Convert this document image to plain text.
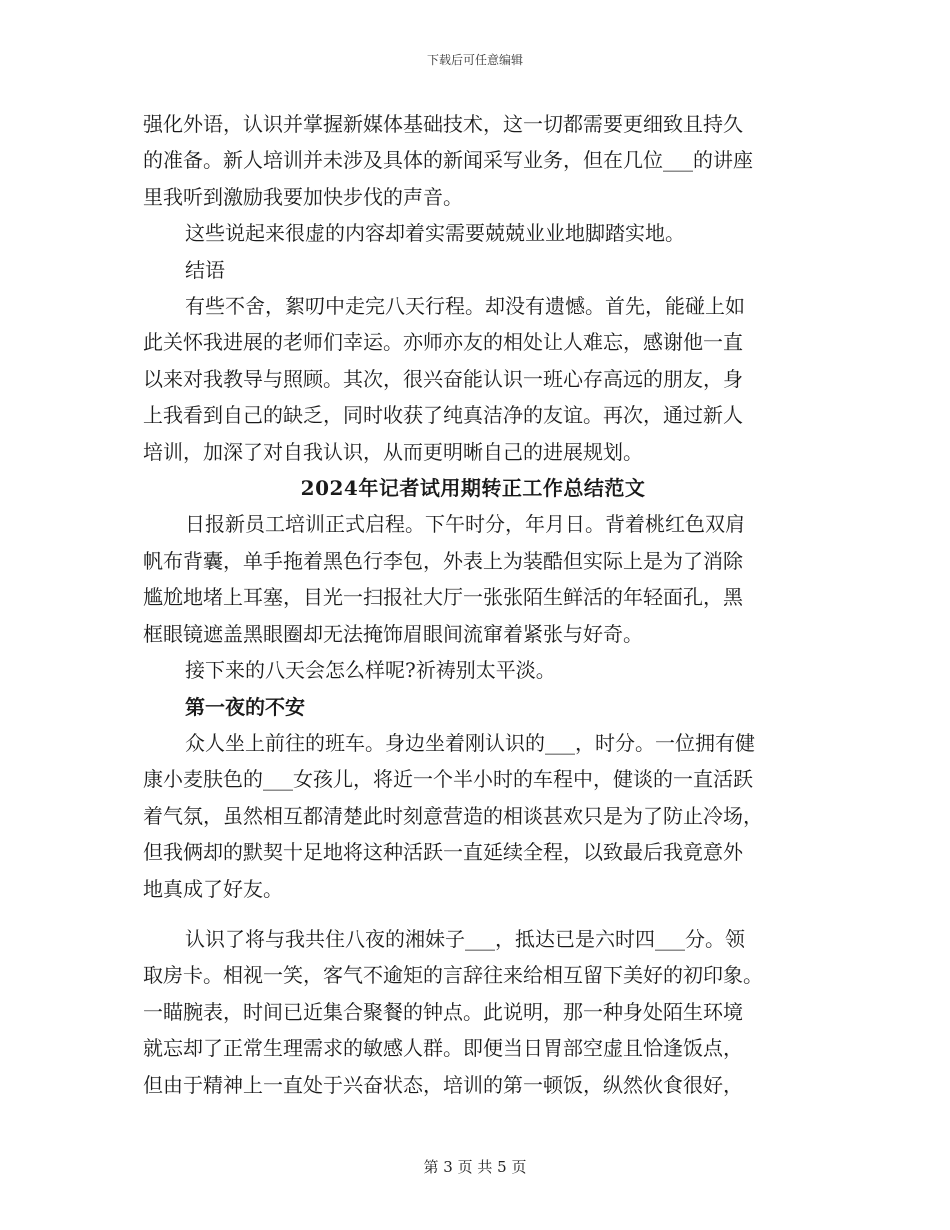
下载后可任意编辑

强化外语，认识并掌握新媒体基础技术，这一切都需要更细致且持久

的准备。新人培训并未涉及具体的新闻采写业务，但在几位___的讲座

里我听到激励我要加快步伐的声音。

这些说起来很虚的内容却着实需要兢兢业业地脚踏实地。

结语

有些不舍，絮叨中走完八天行程。却没有遗憾。首先，能碰上如

此关怀我进展的老师们幸运。亦师亦友的相处让人难忘，感谢他一直

以来对我教导与照顾。其次，很兴奋能认识一班心存高远的朋友，身

上我看到自己的缺乏，同时收获了纯真洁净的友谊。再次，通过新人

培训，加深了对自我认识，从而更明晰自己的进展规划。

2024年记者试用期转正工作总结范文

日报新员工培训正式启程。下午时分，年月日。背着桃红色双肩

帆布背囊，单手拖着黑色行李包，外表上为装酷但实际上是为了消除

尴尬地堵上耳塞，目光一扫报社大厅一张张陌生鲜活的年轻面孔，黑

框眼镜遮盖黑眼圈却无法掩饰眉眼间流窜着紧张与好奇。

接下来的八天会怎么样呢?祈祷别太平淡。

第一夜的不安

众人坐上前往的班车。身边坐着刚认识的___，时分。一位拥有健

康小麦肤色的___女孩儿，将近一个半小时的车程中，健谈的一直活跃

着气氛，虽然相互都清楚此时刻意营造的相谈甚欢只是为了防止冷场，

但我俩却的默契十足地将这种活跃一直延续全程，以致最后我竟意外

地真成了好友。

认识了将与我共住八夜的湘妹子___，抵达已是六时四___分。领

取房卡。相视一笑，客气不逾矩的言辞往来给相互留下美好的初印象。

一瞄腕表，时间已近集合聚餐的钟点。此说明，那一种身处陌生环境

就忘却了正常生理需求的敏感人群。即便当日胃部空虚且恰逢饭点，

但由于精神上一直处于兴奋状态，培训的第一顿饭，纵然伙食很好，

第 3 页 共 5 页
